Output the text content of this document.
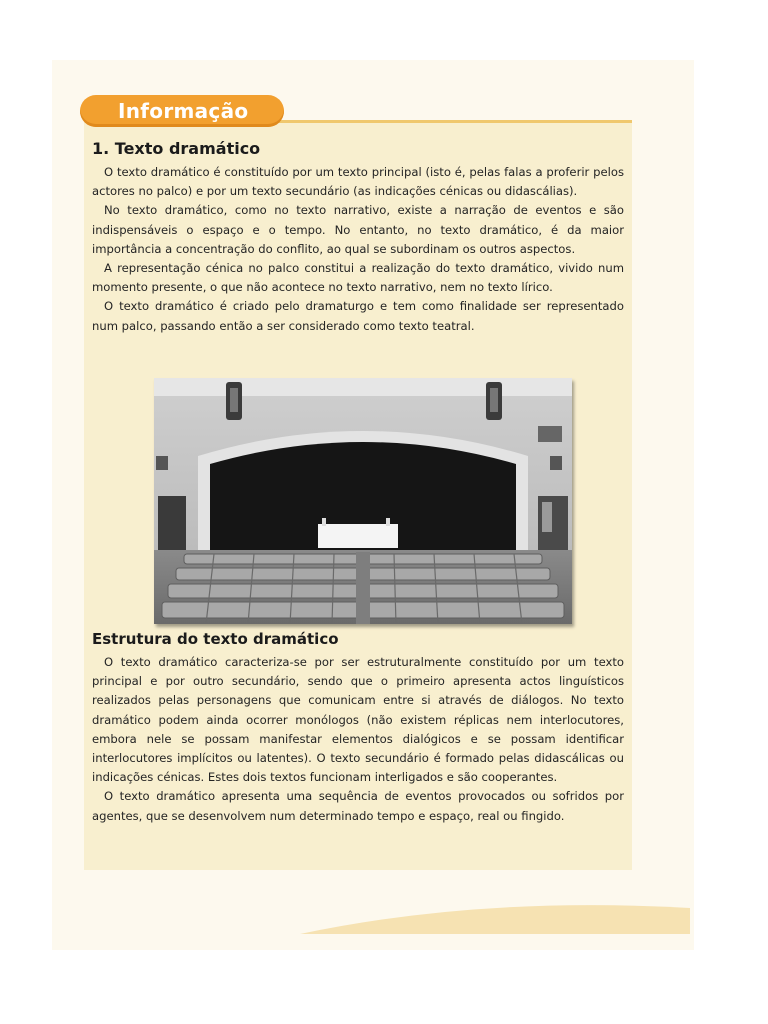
Informação
1. Texto dramático

O texto dramático é constituído por um texto principal (isto é, pelas falas a proferir pelos actores no palco) e por um texto secundário (as indicações cénicas ou didascálias).

No texto dramático, como no texto narrativo, existe a narração de eventos e são indispensáveis o espaço e o tempo. No entanto, no texto dramático, é da maior importância a concentração do conflito, ao qual se subordinam os outros aspectos.

A representação cénica no palco constitui a realização do texto dramático, vivido num momento presente, o que não acontece no texto narrativo, nem no texto lírico.

O texto dramático é criado pelo dramaturgo e tem como finalidade ser representado num palco, passando então a ser considerado como texto teatral.

Estrutura do texto dramático

O texto dramático caracteriza-se por ser estruturalmente constituído por um texto principal e por outro secundário, sendo que o primeiro apresenta actos linguísticos realizados pelas personagens que comunicam entre si através de diálogos. No texto dramático podem ainda ocorrer monólogos (não existem réplicas nem interlocutores, embora nele se possam manifestar elementos dialógicos e se possam identificar interlocutores implícitos ou latentes). O texto secundário é formado pelas didascálicas ou indicações cénicas. Estes dois textos funcionam interligados e são cooperantes.

O texto dramático apresenta uma sequência de eventos provocados ou sofridos por agentes, que se desenvolvem num determinado tempo e espaço, real ou fingido.
